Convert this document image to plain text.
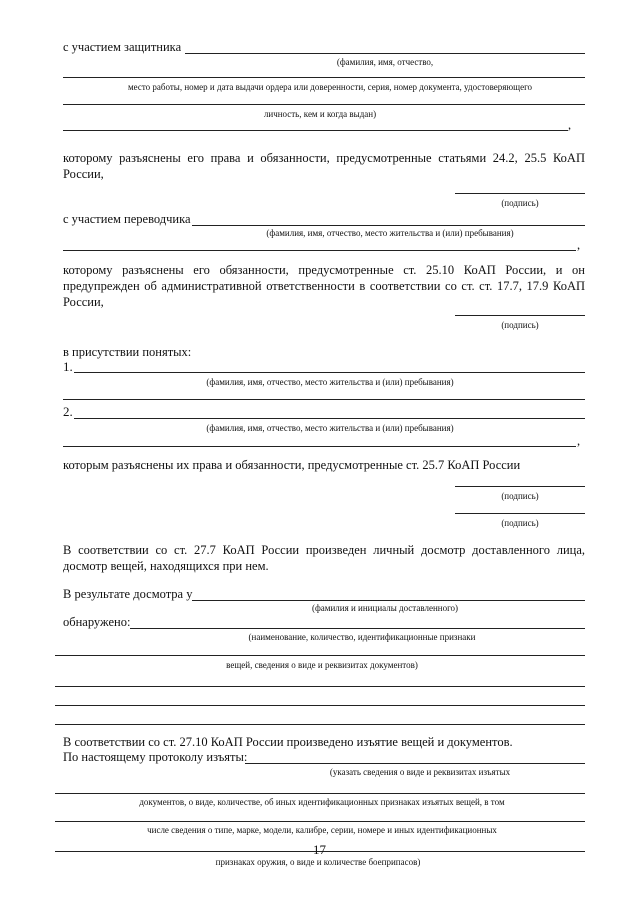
с участием защитника
(фамилия, имя, отчество,
место работы, номер и дата выдачи ордера или доверенности, серия, номер документа, удостоверяющего
личность, кем и когда выдан)
,
которому разъяснены его права и обязанности, предусмотренные статьями 24.2, 25.5 КоАП России,
(подпись)
с участием переводчика
(фамилия, имя, отчество, место жительства и (или) пребывания)
,
которому разъяснены его обязанности, предусмотренные ст. 25.10 КоАП России, и он предупрежден об административной ответственности в соответствии со ст. ст. 17.7, 17.9 КоАП России,
(подпись)
в присутствии понятых:
1.
(фамилия, имя, отчество, место жительства и (или) пребывания)
2.
(фамилия, имя, отчество, место жительства и (или) пребывания)
,
которым разъяснены их права и обязанности, предусмотренные ст. 25.7 КоАП России
(подпись)
(подпись)
В соответствии со ст. 27.7 КоАП России произведен личный досмотр доставленного лица, досмотр вещей, находящихся при нем.
В результате досмотра у
(фамилия и инициалы доставленного)
обнаружено:
(наименование, количество, идентификационные признаки
вещей, сведения о виде и реквизитах документов)
В соответствии со ст. 27.10 КоАП России произведено изъятие вещей и документов.
По настоящему протоколу изъяты:
(указать сведения о виде и реквизитах изъятых
документов, о виде, количестве, об иных идентификационных признаках изъятых вещей, в том
числе сведения о типе, марке, модели, калибре, серии, номере и иных идентификационных
17
признаках оружия, о виде и количестве боеприпасов)
